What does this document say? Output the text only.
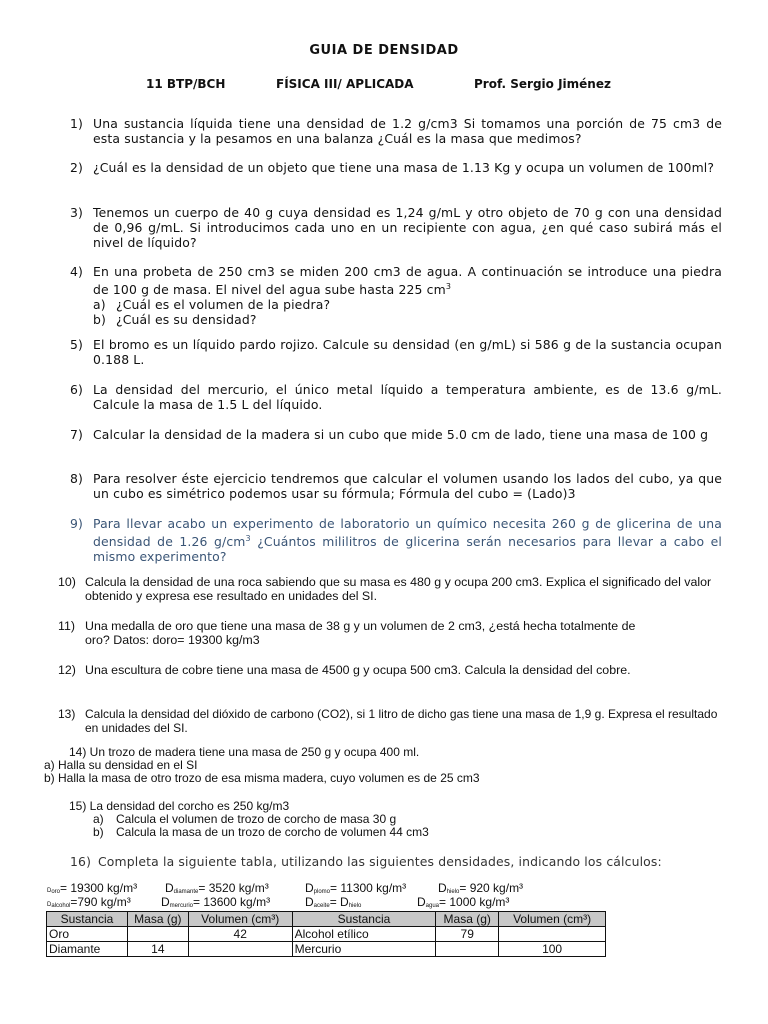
GUIA DE DENSIDAD
11 BTP/BCH	FÍSICA III/ APLICADA	Prof. Sergio Jiménez
1) Una sustancia líquida tiene una densidad de 1.2 g/cm3 Si tomamos una porción de 75 cm3 de esta sustancia y la pesamos en una balanza ¿Cuál es la masa que medimos?
2) ¿Cuál es la densidad de un objeto que tiene una masa de 1.13 Kg y ocupa un volumen de 100ml?
3) Tenemos un cuerpo de 40 g cuya densidad es 1,24 g/mL y otro objeto de 70 g con una densidad de 0,96 g/mL. Si introducimos cada uno en un recipiente con agua, ¿en qué caso subirá más el nivel de líquido?
4) En una probeta de 250 cm3 se miden 200 cm3 de agua. A continuación se introduce una piedra de 100 g de masa. El nivel del agua sube hasta 225 $cm^3$
a) ¿Cuál es el volumen de la piedra?
b) ¿Cuál es su densidad?
5) El bromo es un líquido pardo rojizo. Calcule su densidad (en g/mL) si 586 g de la sustancia ocupan 0.188 L.
6) La densidad del mercurio, el único metal líquido a temperatura ambiente, es de 13.6 g/mL. Calcule la masa de 1.5 L del líquido.
7) Calcular la densidad de la madera si un cubo que mide 5.0 cm de lado, tiene una masa de 100 g
8) Para resolver éste ejercicio tendremos que calcular el volumen usando los lados del cubo, ya que un cubo es simétrico podemos usar su fórmula; Fórmula del cubo = (Lado)3
9) Para llevar acabo un experimento de laboratorio un químico necesita 260 g de glicerina de una densidad de 1.26 $g/cm^3$ ¿Cuántos mililitros de glicerina serán necesarios para llevar a cabo el mismo experimento?
10) Calcula la densidad de una roca sabiendo que su masa es 480 g y ocupa 200 cm3. Explica el significado del valor obtenido y expresa ese resultado en unidades del SI.
11) Una medalla de oro que tiene una masa de 38 g y un volumen de 2 cm3, ¿está hecha totalmente de oro? Datos: doro= 19300 kg/m3
12) Una escultura de cobre tiene una masa de 4500 g y ocupa 500 cm3. Calcula la densidad del cobre.
13) Calcula la densidad del dióxido de carbono (CO2), si 1 litro de dicho gas tiene una masa de 1,9 g. Expresa el resultado en unidades del SI.
14) Un trozo de madera tiene una masa de 250 g y ocupa 400 ml.
a) Halla su densidad en el SI
b) Halla la masa de otro trozo de esa misma madera, cuyo volumen es de 25 cm3
15) La densidad del corcho es 250 kg/m3
a) Calcula el volumen de trozo de corcho de masa 30 g
b) Calcula la masa de un trozo de corcho de volumen 44 cm3
16) Completa la siguiente tabla, utilizando las siguientes densidades, indicando los cálculos:
$D_{oro}= 19300$ kg/m³ $D_{diamante}= 3520$ kg/m³	$D_{plomo}= 11300$ kg/m³	$D_{hielo}= 920$ kg/m³
$D_{alcohol}=790$ kg/m³	$D_{mercurio}= 13600$ kg/m³	$D_{aceite}= D_{hielo}$	$D_{agua}= 1000$ kg/m³
Sustancia	Masa (g)	Volumen (cm³)	Sustancia	Masa (g)	Volumen (cm³)
Oro		42	Alcohol etílico	79	
Diamante	14		Mercurio		100
